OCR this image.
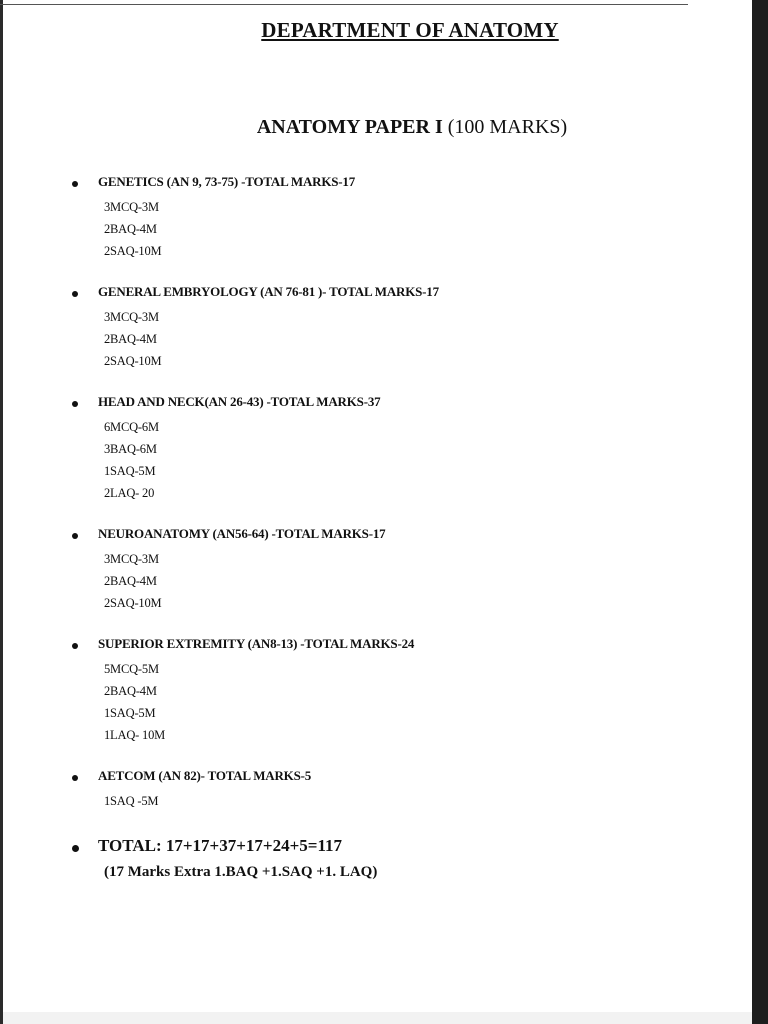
DEPARTMENT OF ANATOMY
ANATOMY PAPER I (100 MARKS)
GENETICS (AN 9, 73-75) -TOTAL MARKS-17
3MCQ-3M
2BAQ-4M
2SAQ-10M
GENERAL EMBRYOLOGY (AN 76-81 )- TOTAL MARKS-17
3MCQ-3M
2BAQ-4M
2SAQ-10M
HEAD AND NECK(AN 26-43) -TOTAL MARKS-37
6MCQ-6M
3BAQ-6M
1SAQ-5M
2LAQ- 20
NEUROANATOMY (AN56-64) -TOTAL MARKS-17
3MCQ-3M
2BAQ-4M
2SAQ-10M
SUPERIOR EXTREMITY (AN8-13) -TOTAL MARKS-24
5MCQ-5M
2BAQ-4M
1SAQ-5M
1LAQ- 10M
AETCOM (AN 82)- TOTAL MARKS-5
1SAQ -5M
TOTAL: 17+17+37+17+24+5=117
(17 Marks Extra 1.BAQ +1.SAQ +1. LAQ)
